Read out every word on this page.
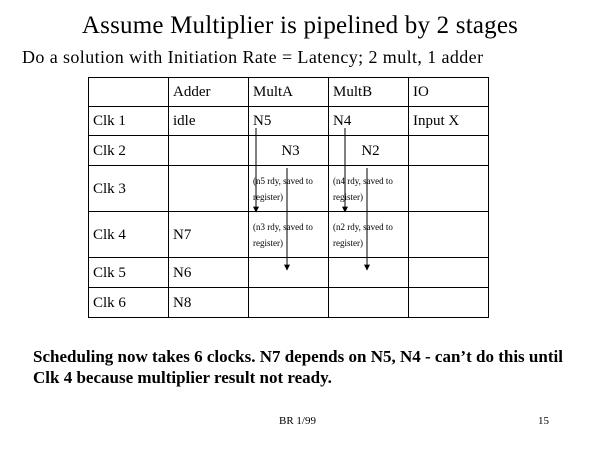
Assume Multiplier is pipelined by 2 stages
Do a solution with Initiation Rate = Latency; 2 mult, 1 adder
	Adder	MultA	MultB	IO
Clk 1	idle	N5	N4	Input X
Clk 2		N3	N2	
Clk 3		(n5 rdy, saved to register)	(n4 rdy, saved to register)	
Clk 4	N7	(n3 rdy, saved to register)	(n2 rdy, saved to register)	
Clk 5	N6			
Clk 6	N8			
Scheduling now takes 6 clocks. N7 depends on N5, N4 - can’t do this until Clk 4 because multiplier result not ready.
BR 1/99	15
